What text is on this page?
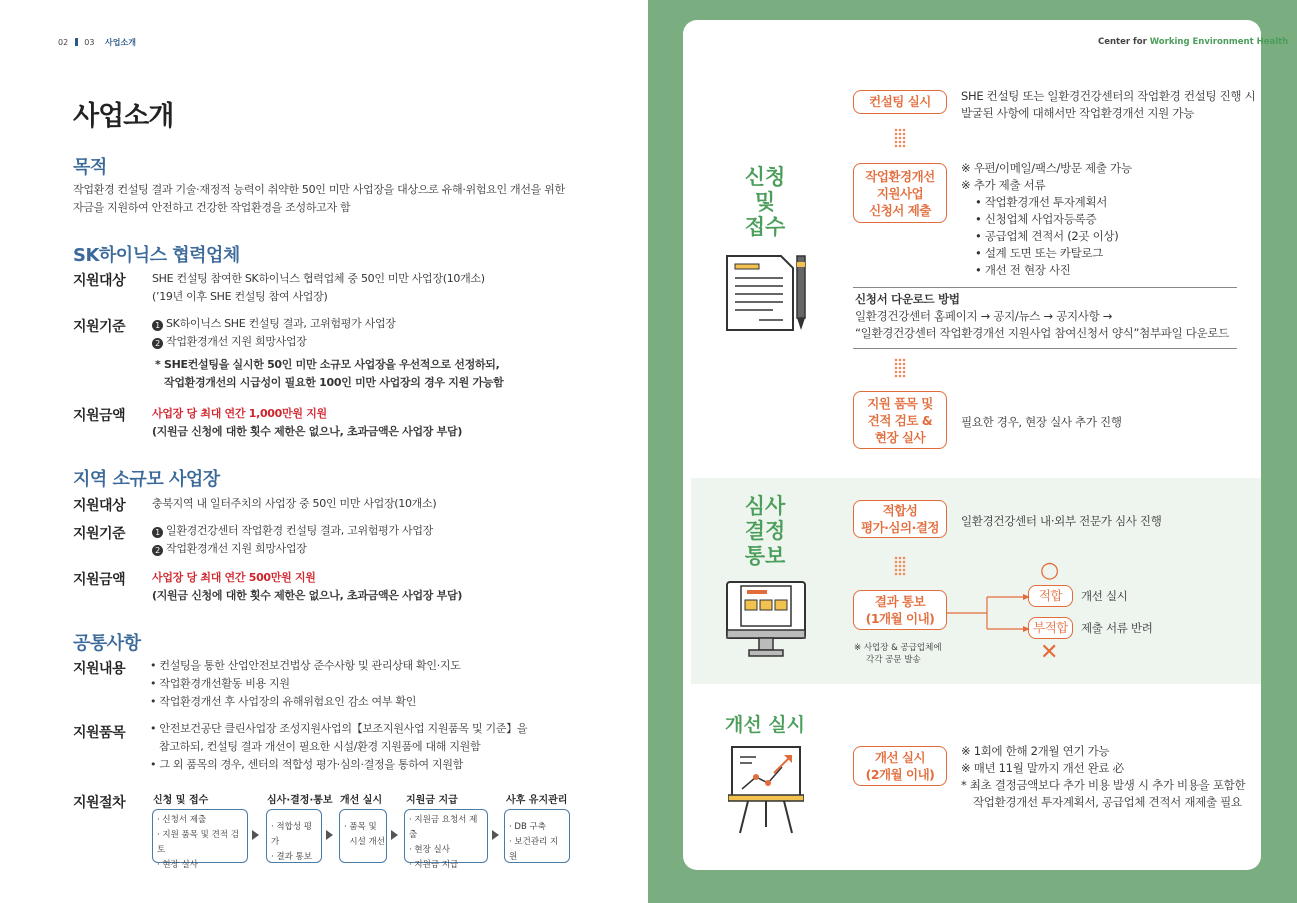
02 03 사업소개
사업소개
목적
작업환경 컨설팅 결과 기술·재정적 능력이 취약한 50인 미만 사업장을 대상으로 유해·위험요인 개선을 위한
자금을 지원하여 안전하고 건강한 작업환경을 조성하고자 함
SK하이닉스 협력업체
지원대상 SHE 컨설팅 참여한 SK하이닉스 협력업체 중 50인 미만 사업장(10개소)
(’19년 이후 SHE 컨설팅 참여 사업장)
지원기준	1 SK하이닉스 SHE 컨설팅 결과, 고위험평가 사업장
2 작업환경개선 지원 희망사업장
* SHE컨설팅을 실시한 50인 미만 소규모 사업장을 우선적으로 선정하되,
작업환경개선의 시급성이 필요한 100인 미만 사업장의 경우 지원 가능함
지원금액 사업장 당 최대 연간 1,000만원 지원
(지원금 신청에 대한 횟수 제한은 없으나, 초과금액은 사업장 부담)
지역 소규모 사업장
지원대상 충북지역 내 일터주치의 사업장 중 50인 미만 사업장(10개소)
지원기준	1 일환경건강센터 작업환경 컨설팅 결과, 고위험평가 사업장
2 작업환경개선 지원 희망사업장
지원금액 사업장 당 최대 연간 500만원 지원
(지원금 신청에 대한 횟수 제한은 없으나, 초과금액은 사업장 부담)
공통사항
지원내용 • 컨설팅을 통한 산업안전보건법상 준수사항 및 관리상태 확인·지도
• 작업환경개선활동 비용 지원
• 작업환경개선 후 사업장의 유해위험요인 감소 여부 확인
지원품목 • 안전보건공단 클린사업장 조성지원사업의【보조지원사업 지원품목 및 기준】을
참고하되, 컨설팅 결과 개선이 필요한 시설/환경 지원품에 대해 지원함
• 그 외 품목의 경우, 센터의 적합성 평가·심의·결정을 통하여 지원함
지원절차	신청 및 접수
· 신청서 제출
· 지원 품목 및 견적 검토
· 현장 실사
심사·결정·통보
· 적합성 평가
· 결과 통보
개선 실시
· 품목 및
시설 개선
지원금 지급
· 지원금 요청서 제출
· 현장 실사
· 지원금 지급
사후 유지관리
· DB 구축
· 보건관리 지원
Center for Working Environment Health
신청
및
접수
컨설팅 실시	SHE 컨설팅 또는 일환경건강센터의 작업환경 컨설팅 진행 시
발굴된 사항에 대해서만 작업환경개선 지원 가능
작업환경개선
지원사업
신청서 제출
※ 우편/이메일/팩스/방문 제출 가능
※ 추가 제출 서류
• 작업환경개선 투자계획서
• 신청업체 사업자등록증
• 공급업체 견적서 (2곳 이상)
• 설계 도면 또는 카탈로그
• 개선 전 현장 사진
신청서 다운로드 방법
일환경건강센터 홈페이지 → 공지/뉴스 → 공지사항 →
“일환경건강센터 작업환경개선 지원사업 참여신청서 양식”첨부파일 다운로드
지원 품목 및
견적 검토 &
현장 실사
필요한 경우, 현장 실사 추가 진행
심사
결정
통보
적합성
평가·심의·결정	일환경건강센터 내·외부 전문가 심사 진행
결과 통보
(1개월 이내)
※ 사업장 & 공급업체에
각각 공문 발송
○
적합	개선 실시
부적합	제출 서류 반려
✕
개선 실시
개선 실시
(2개월 이내)
※ 1회에 한해 2개월 연기 가능
※ 매년 11월 말까지 개선 완료 必
* 최초 결정금액보다 추가 비용 발생 시 추가 비용을 포함한
작업환경개선 투자계획서, 공급업체 견적서 재제출 필요
